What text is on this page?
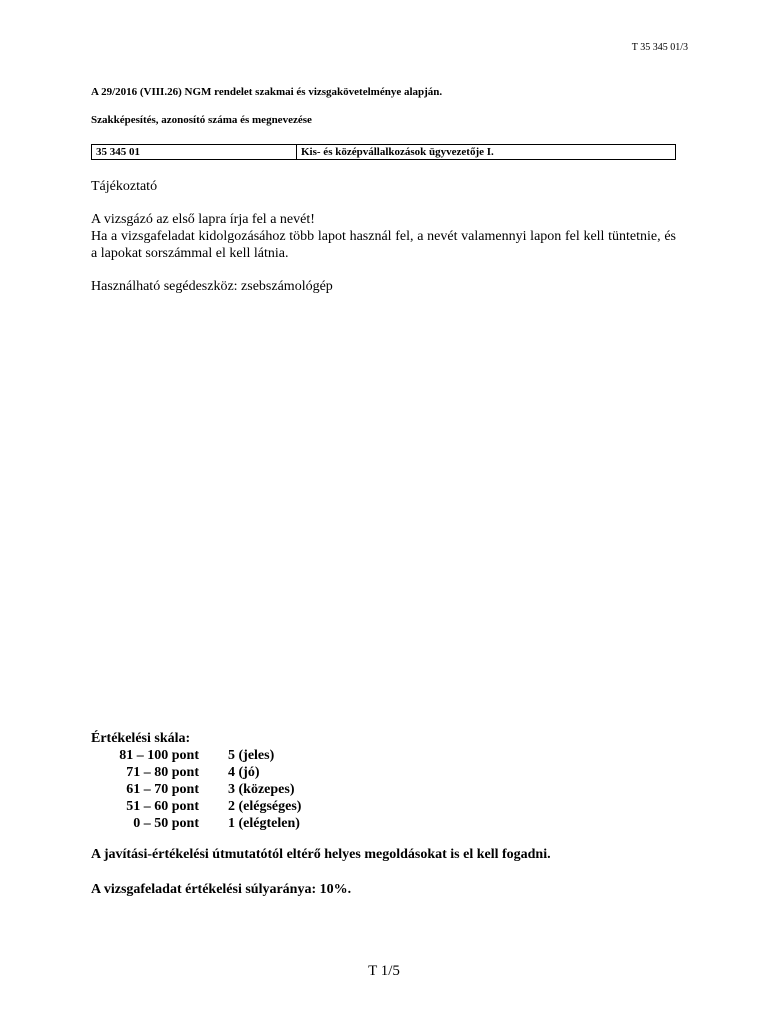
T 35 345 01/3
A 29/2016 (VIII.26) NGM rendelet szakmai és vizsgakövetelménye alapján.
Szakképesítés, azonosító száma és megnevezése
35 345 01	Kis- és középvállalkozások ügyvezetője I.
Tájékoztató

A vizsgázó az első lapra írja fel a nevét!

Ha a vizsgafeladat kidolgozásához több lapot használ fel, a nevét valamennyi lapon fel kell tüntetnie, és a lapokat sorszámmal el kell látnia.

Használható segédeszköz: zsebszámológép
Értékelési skála:
81 – 100 pont 5 (jeles)
71 – 80 pont 4 (jó)
61 – 70 pont 3 (közepes)
51 – 60 pont 2 (elégséges)
0 – 50 pont 1 (elégtelen)
A javítási-értékelési útmutatótól eltérő helyes megoldásokat is el kell fogadni.
A vizsgafeladat értékelési súlyaránya: 10%.
T 1/5
